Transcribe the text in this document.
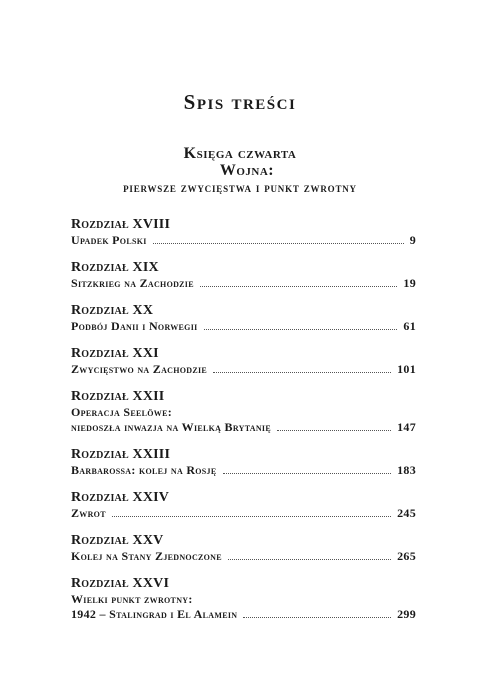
Spis treści
Księga czwarta
Wojna:
pierwsze zwycięstwa i punkt zwrotny
Rozdział XVIII
Upadek Polski	9
Rozdział XIX
Sitzkrieg na Zachodzie	19
Rozdział XX
Podbój Danii i Norwegii	61
Rozdział XXI
Zwycięstwo na Zachodzie	101
Rozdział XXII
Operacja Seelöwe:
niedoszła inwazja na Wielką Brytanię	147
Rozdział XXIII
Barbarossa: kolej na Rosję	183
Rozdział XXIV
Zwrot	245
Rozdział XXV
Kolej na Stany Zjednoczone	265
Rozdział XXVI
Wielki punkt zwrotny:
1942 – Stalingrad i El Alamein	299
